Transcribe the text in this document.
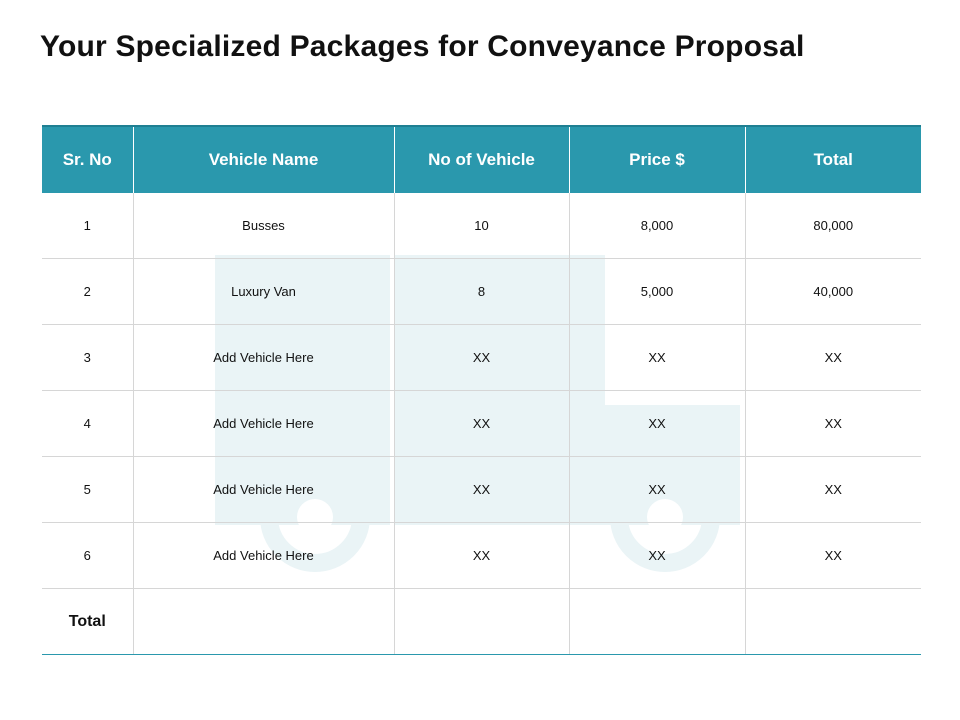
Your Specialized Packages for Conveyance Proposal
Sr. No	Vehicle Name	No of Vehicle	Price $	Total
1	Busses	10	8,000	80,000
2	Luxury Van	8	5,000	40,000
3	Add Vehicle Here	XX	XX	XX
4	Add Vehicle Here	XX	XX	XX
5	Add Vehicle Here	XX	XX	XX
6	Add Vehicle Here	XX	XX	XX
Total				
